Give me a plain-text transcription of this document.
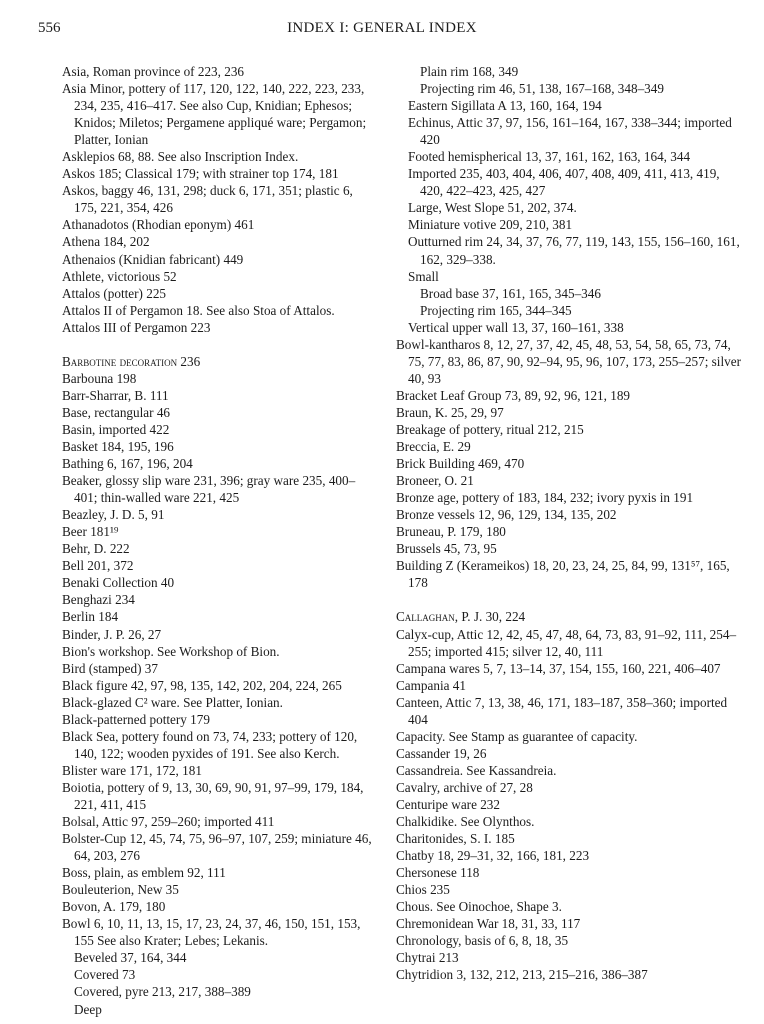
556	INDEX I: GENERAL INDEX
Asia, Roman province of 223, 236
Asia Minor, pottery of 117, 120, 122, 140, 222, 223, 233, 234, 235, 416–417. See also Cup, Knidian; Ephesos; Knidos; Miletos; Pergamene appliqué ware; Pergamon; Platter, Ionian
Asklepios 68, 88. See also Inscription Index.
Askos 185; Classical 179; with strainer top 174, 181
Askos, baggy 46, 131, 298; duck 6, 171, 351; plastic 6, 175, 221, 354, 426
Athanadotos (Rhodian eponym) 461
Athena 184, 202
Athenaios (Knidian fabricant) 449
Athlete, victorious 52
Attalos (potter) 225
Attalos II of Pergamon 18. See also Stoa of Attalos.
Attalos III of Pergamon 223
Barbotine decoration 236
Barbouna 198
Barr-Sharrar, B. 111
Base, rectangular 46
Basin, imported 422
Basket 184, 195, 196
Bathing 6, 167, 196, 204
Beaker, glossy slip ware 231, 396; gray ware 235, 400–401; thin-walled ware 221, 425
Beazley, J. D. 5, 91
Beer 181¹⁹
Behr, D. 222
Bell 201, 372
Benaki Collection 40
Benghazi 234
Berlin 184
Binder, J. P. 26, 27
Bion's workshop. See Workshop of Bion.
Bird (stamped) 37
Black figure 42, 97, 98, 135, 142, 202, 204, 224, 265
Black-glazed C² ware. See Platter, Ionian.
Black-patterned pottery 179
Black Sea, pottery found on 73, 74, 233; pottery of 120, 140, 122; wooden pyxides of 191. See also Kerch.
Blister ware 171, 172, 181
Boiotia, pottery of 9, 13, 30, 69, 90, 91, 97–99, 179, 184, 221, 411, 415
Bolsal, Attic 97, 259–260; imported 411
Bolster-Cup 12, 45, 74, 75, 96–97, 107, 259; miniature 46, 64, 203, 276
Boss, plain, as emblem 92, 111
Bouleuterion, New 35
Bovon, A. 179, 180
Bowl 6, 10, 11, 13, 15, 17, 23, 24, 37, 46, 150, 151, 153, 155 See also Krater; Lebes; Lekanis.
Beveled 37, 164, 344
Covered 73
Covered, pyre 213, 217, 388–389
Deep
Plain rim 168, 349
Projecting rim 46, 51, 138, 167–168, 348–349
Eastern Sigillata A 13, 160, 164, 194
Echinus, Attic 37, 97, 156, 161–164, 167, 338–344; imported 420
Footed hemispherical 13, 37, 161, 162, 163, 164, 344
Imported 235, 403, 404, 406, 407, 408, 409, 411, 413, 419, 420, 422–423, 425, 427
Large, West Slope 51, 202, 374.
Miniature votive 209, 210, 381
Outturned rim 24, 34, 37, 76, 77, 119, 143, 155, 156–160, 161, 162, 329–338.
Small
Broad base 37, 161, 165, 345–346
Projecting rim 165, 344–345
Vertical upper wall 13, 37, 160–161, 338
Bowl-kantharos 8, 12, 27, 37, 42, 45, 48, 53, 54, 58, 65, 73, 74, 75, 77, 83, 86, 87, 90, 92–94, 95, 96, 107, 173, 255–257; silver 40, 93
Bracket Leaf Group 73, 89, 92, 96, 121, 189
Braun, K. 25, 29, 97
Breakage of pottery, ritual 212, 215
Breccia, E. 29
Brick Building 469, 470
Broneer, O. 21
Bronze age, pottery of 183, 184, 232; ivory pyxis in 191
Bronze vessels 12, 96, 129, 134, 135, 202
Bruneau, P. 179, 180
Brussels 45, 73, 95
Building Z (Kerameikos) 18, 20, 23, 24, 25, 84, 99, 131⁵⁷, 165, 178
Callaghan, P. J. 30, 224
Calyx-cup, Attic 12, 42, 45, 47, 48, 64, 73, 83, 91–92, 111, 254–255; imported 415; silver 12, 40, 111
Campana wares 5, 7, 13–14, 37, 154, 155, 160, 221, 406–407
Campania 41
Canteen, Attic 7, 13, 38, 46, 171, 183–187, 358–360; imported 404
Capacity. See Stamp as guarantee of capacity.
Cassander 19, 26
Cassandreia. See Kassandreia.
Cavalry, archive of 27, 28
Centuripe ware 232
Chalkidike. See Olynthos.
Charitonides, S. I. 185
Chatby 18, 29–31, 32, 166, 181, 223
Chersonese 118
Chios 235
Chous. See Oinochoe, Shape 3.
Chremonidean War 18, 31, 33, 117
Chronology, basis of 6, 8, 18, 35
Chytrai 213
Chytridion 3, 132, 212, 213, 215–216, 386–387
